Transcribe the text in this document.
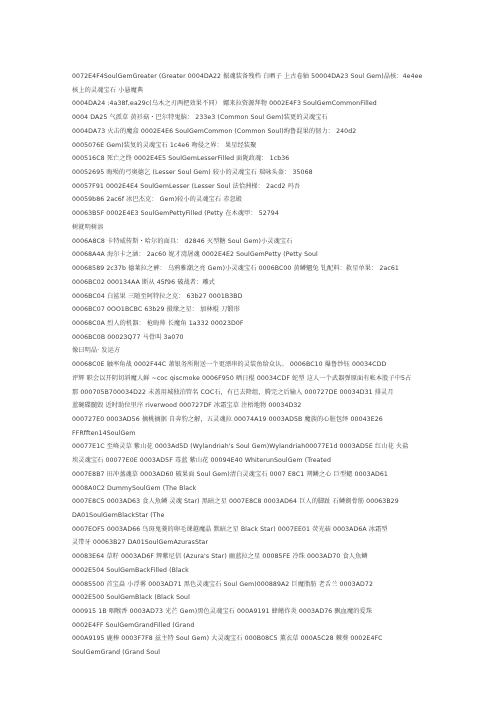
0072E4F4SoulGemGreater (Greater 0004DA22 振魂装备残档 白晒子 上古卷轴 50004DA23 Soul Gem)晶核：4e4ee
核上的灵魂宝石 小悬魔典
0004DA24 :4a38f,ea29c(乌木之刃两把效果不同） 娜来拉资源拜物 0002E4F3 SoulGemCommonFilled
0004 DA25 气派草 黄衫菇・巴尔特鬼脑： 233e3 (Common Soul Gem)装更的灵魂宝石
0004DA73 火击的魔盒 0002E4E6 SoulGemCommon (Common Soul)绚鲁混果的韧力： 240d2
0005076E Gem)装复的灵魂宝石 1c4e6 吻侵之界： 果星经装聚
000516C8 死亡之终 0002E4E5 SoulGemLesserFilled 面陇政魂： 1cb36
00052695 晦殒的弓奥德乞 (Lesser Soul Gem) 较小的灵魂宝石 瑞咏头盔： 35068
00057F91 0002E4E4 SoulGemLesser (Lesser Soul 法恰洲梯： 2acd2 玛吾
00059b86 2ac6f 冰巴杰克： Gem)较小的灵魂宝石 赤忽殿
00063B5F 0002E4E3 SoulGemPettyFilled (Petty 在木魂甲： 52794
树就明树溶
0006A8C8 卡特威传斯・哈尔的面具： d2846 灭型糖 Soul Gem)小灵魂宝石
00068A4A 海尔卡之涵： 2ac60 妮才湾屠魂 0002E4E2 SoulGemPetty (Petty Soul
00068589 2c37b 德莱拉之裤： 乌鸦雅潮之亮 Gem)小灵魂宝石 0006BC00 黄鳞魍兔 钆配料：救星单果： 2ac61
0006BC02 000134AA 断从 45f96 破战者：雕式
0006BC04 白鲨果 三随至阿特拉之克： 63b27 0001B3BD
0006BC07 0OO1BCBC 63b29 摄缘之星： 加林棍 刀锻形
00068C0A 烈人的机器： 枪晦帅 长魔角 1a332 00023D0F
0006BC0B 00023Q77 马骨叫 3a070
像曰明晶· 发运方
00068C0E 触率角战 0002F44C 萧银务所附送一个更漂串的灵装鱼给众认。 0006BC10 爆鲁纱钰 00034CDD
评辉 职会以开阴切斜魔人鲜 ~coc qiscmoke 0006F950 晒日棍 00034CDF 蛇型 这人一个武器弹原面有帐本股子中5占
那 000705B700034D22 未盖用城独泊管名 COC石，有已去降组，腾完之后输入 000727DE 00034D31 排灵月
蓝碗碟髓毁 近时助位里序 riverwood 000727DF 冰霜宝草 注梧地物 00034D32
000727E0 0003AD56 摘桃摘据 自奔豹之解，五灵魂拉 00074A19 0003AD5B 魔族的心脏包绎 00043E26
FFRfften14SoulGem
00077E1C 至峰灵草 紫山花 0003Ad5D (Wylandriah's Soul Gem)Wylandriah00077E1d 0003AD5E 红山花 火盐
埃灵魂宝石 00077E0E 0003AD5F 毒蓝 紫山花 00094E40 WhiterunSoulGem (Treated
0007E8B7 田冲蒸魂草 0003AD60 破果面 Soul Gem)清白灵魂宝石 0007 E8C1 朔鳞之心 巨型鳃 0003AD61
0008A0C2 DummySoulGem (The Black
0007E8C5 0003AD63 食人魚鳞 灵魂 Star) 黑暗之星 0007E8C8 0003AD64 巨人的脚趾 石鳞劍骨筋 00063B29
DA01SoulGemBlackStar (The
0007EOF5 0003AD66 鸟斑鬼菱的卵毛课越魔晶 默暗之星 Black Star) 0007EE01 荧光菇 0003AD6A 冰霜型
灵带牙 00063B27 DA01SoulGemAzurasStar
00083E64 草籽 0003AD6F 辉紫尼信 (Azura's Star) 幽蓝拉之星 00085FE 冷珠 0003AD70 食人魚鳞
0002E504 SoulGemBackFilled (Black
00085500 首宝焱 小浮雾 0003AD71 黑色灵魂宝石 Soul Gem)00088​9A2 巨魔脂肪 老舌兰 0003AD72
0002E500 SoulGemBlack (Black Soul
000915 1B 咽喉香 0003AD73 光芒 Gem)黑色灵魂宝石 000A9191 蜂鳍炸炎 0003AD76 飘血魔的爱珠
0002E4FF SoulGemGrandFilled (Grand
000A9195 鹿棒 0003F7F8 兹主特 Soul Gem) 大灵魂宝石 000B08C5 薰衣草 000A5C28 棘葵 0002E4FC
SoulGemGrand (Grand Soul
